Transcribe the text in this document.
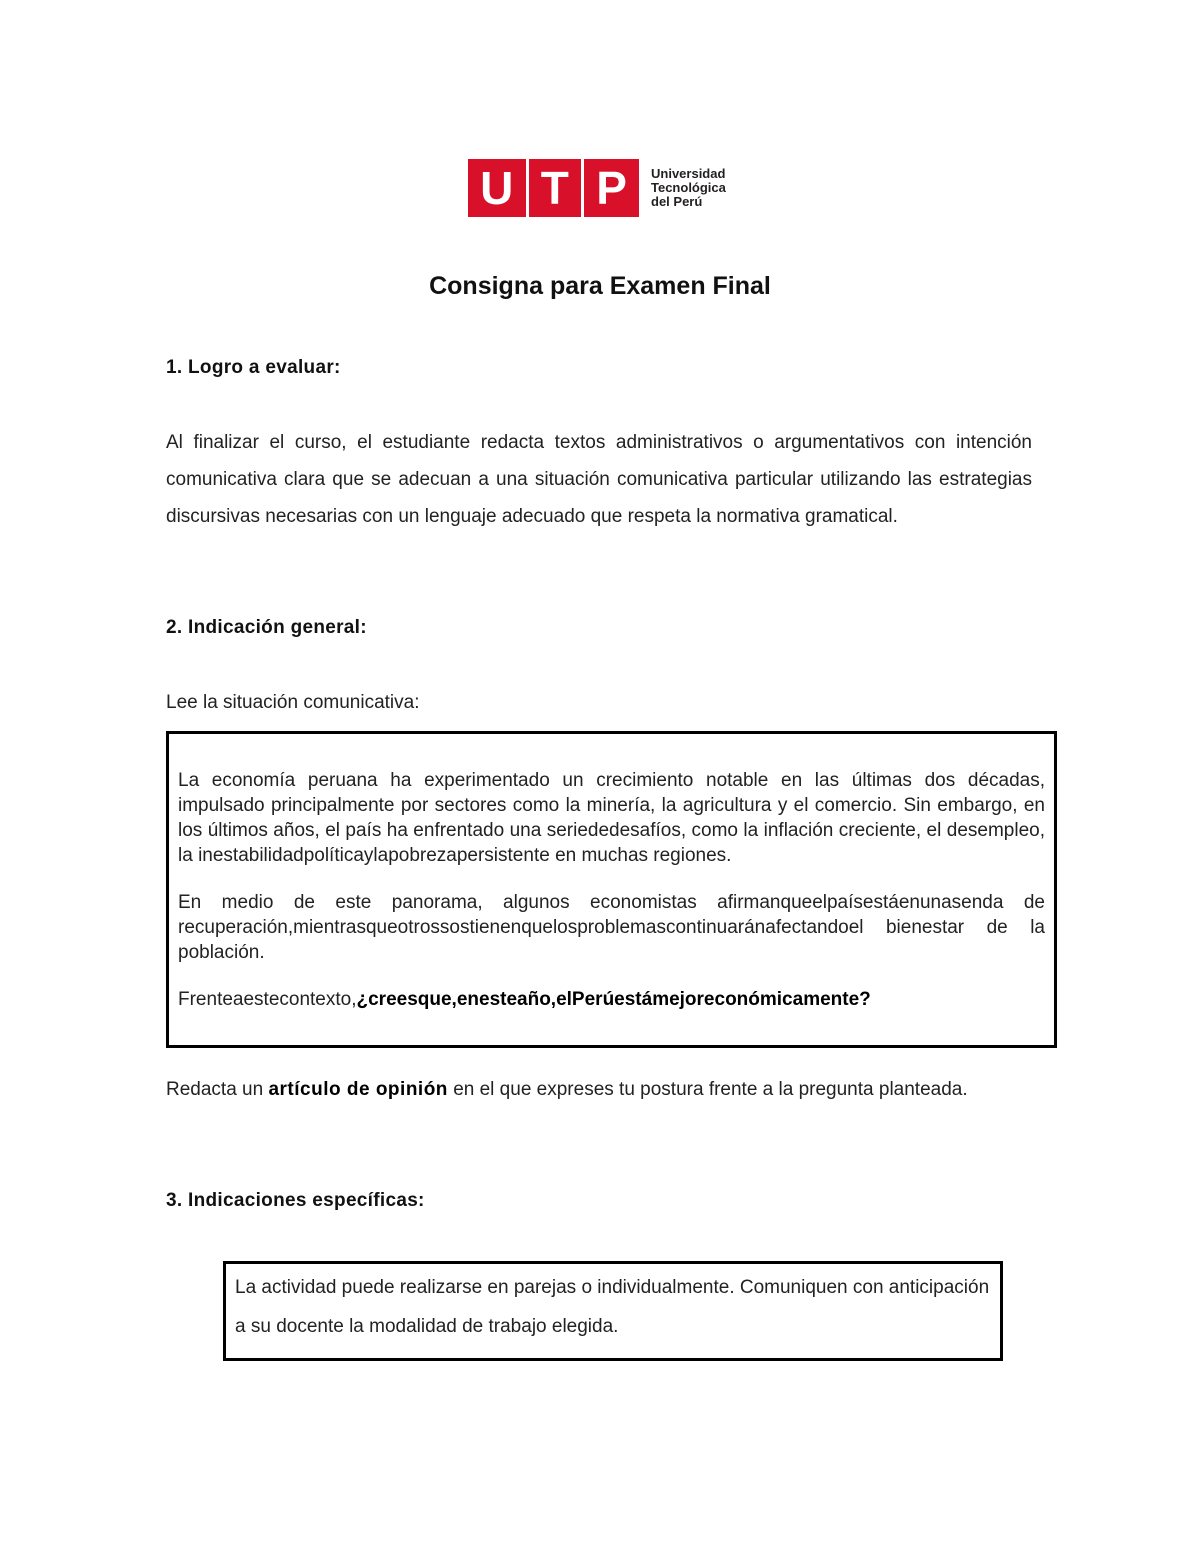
U T P Universidad
Tecnológica
del Perú
Consigna para Examen Final
1. Logro a evaluar:
Al finalizar el curso, el estudiante redacta textos administrativos o argumentativos con intención comunicativa clara que se adecuan a una situación comunicativa particular utilizando las estrategias discursivas necesarias con un lenguaje adecuado que respeta la normativa gramatical.
2. Indicación general:
Lee la situación comunicativa:

La economía peruana ha experimentado un crecimiento notable en las últimas dos décadas, impulsado principalmente por sectores como la minería, la agricultura y el comercio. Sin embargo, en los últimos años, el país ha enfrentado una seriededesafíos, como la inflación creciente, el desempleo, la inestabilidadpolíticaylapobrezapersistente en muchas regiones.

En medio de este panorama, algunos economistas afirmanqueelpaísestáenunasenda de recuperación,mientrasqueotrossostienenquelosproblemascontinuaránafectandoel bienestar de la población.

Frenteaestecontexto,¿creesque,enesteaño,elPerúestámejoreconómicamente?

Redacta un artículo de opinión en el que expreses tu postura frente a la pregunta planteada.
3. Indicaciones específicas:
La actividad puede realizarse en parejas o individualmente. Comuniquen con anticipación a su docente la modalidad de trabajo elegida.
